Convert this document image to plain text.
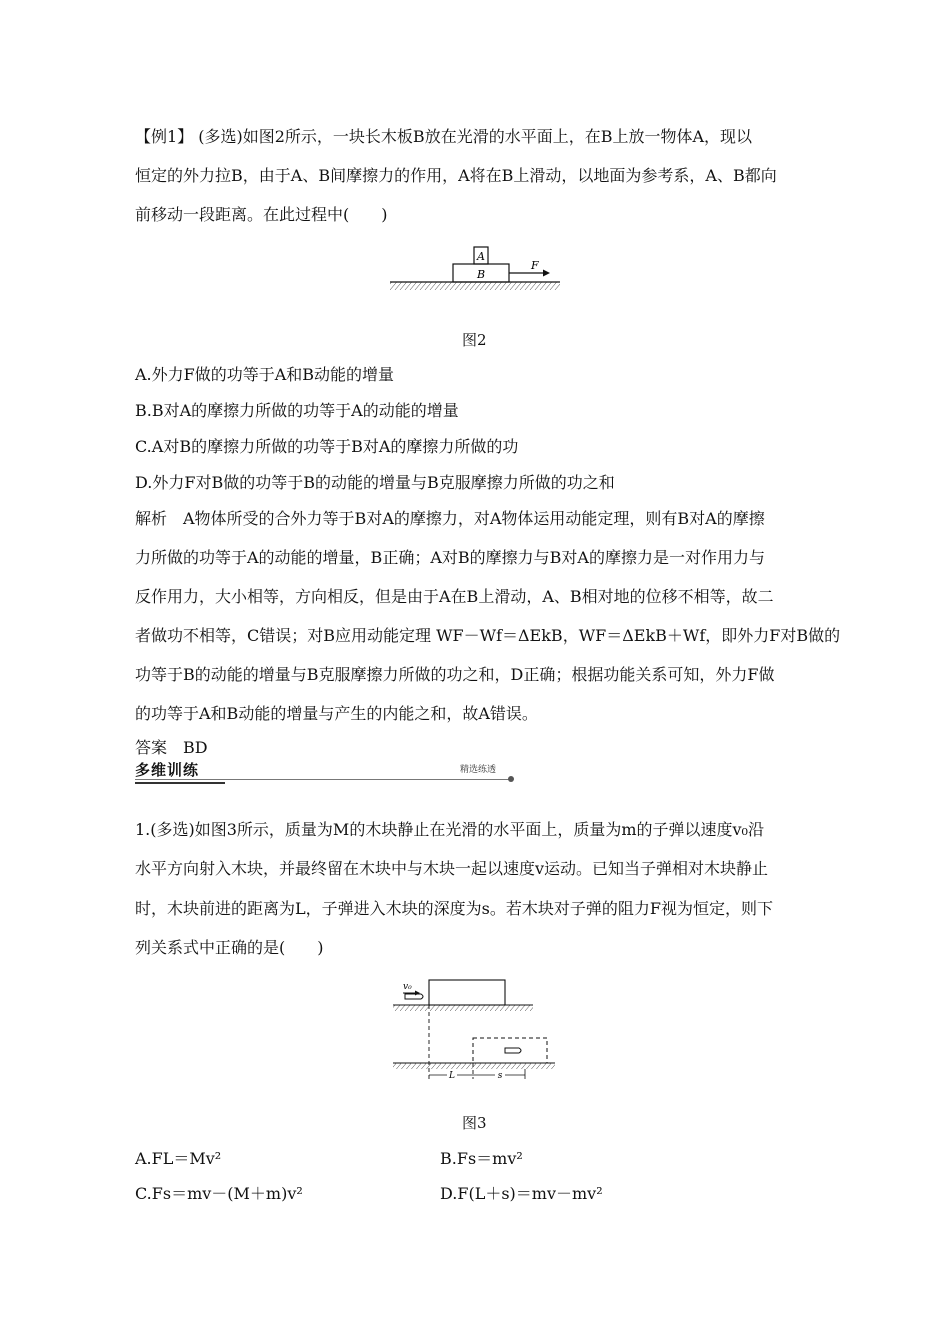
【例1】 (多选)如图2所示，一块长木板B放在光滑的水平面上，在B上放一物体A，现以
恒定的外力拉B，由于A、B间摩擦力的作用，A将在B上滑动，以地面为参考系，A、B都向
前移动一段距离。在此过程中(　　)
A
B
F
图2
A.外力F做的功等于A和B动能的增量
B.B对A的摩擦力所做的功等于A的动能的增量
C.A对B的摩擦力所做的功等于B对A的摩擦力所做的功
D.外力F对B做的功等于B的动能的增量与B克服摩擦力所做的功之和
解析　A物体所受的合外力等于B对A的摩擦力，对A物体运用动能定理，则有B对A的摩擦
力所做的功等于A的动能的增量，B正确；A对B的摩擦力与B对A的摩擦力是一对作用力与
反作用力，大小相等，方向相反，但是由于A在B上滑动，A、B相对地的位移不相等，故二
者做功不相等，C错误；对B应用动能定理 WF－Wf＝ΔEkB，WF＝ΔEkB＋Wf，即外力F对B做的
功等于B的动能的增量与B克服摩擦力所做的功之和，D正确；根据功能关系可知，外力F做
的功等于A和B动能的增量与产生的内能之和，故A错误。
答案　BD
多维训练	精选练透
1.(多选)如图3所示，质量为M的木块静止在光滑的水平面上，质量为m的子弹以速度v₀沿
水平方向射入木块，并最终留在木块中与木块一起以速度v运动。已知当子弹相对木块静止
时，木块前进的距离为L，子弹进入木块的深度为s。若木块对子弹的阻力F视为恒定，则下
列关系式中正确的是(　　)
v₀
L	s
图3
A.FL＝Mv²	B.Fs＝mv²
C.Fs＝mv－(M＋m)v²	D.F(L＋s)＝mv－mv²
